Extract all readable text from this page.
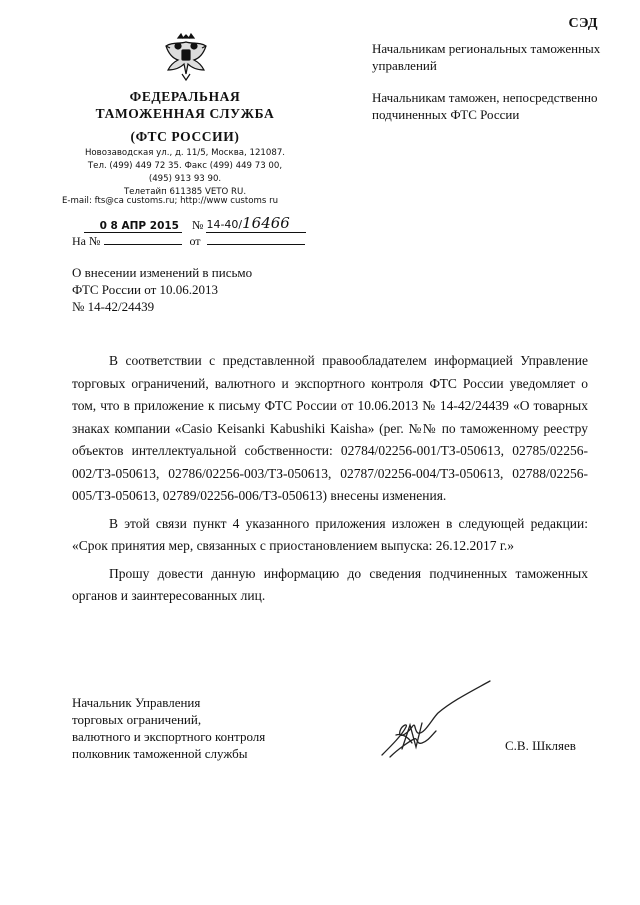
СЭД
ФЕДЕРАЛЬНАЯ
ТАМОЖЕННАЯ СЛУЖБА
(ФТС РОССИИ)
Новозаводская ул., д. 11/5, Москва, 121087.
Тел. (499) 449 72 35. Факс (499) 449 73 00,
(495) 913 93 90.
Телетайп 611385 VETO RU.
E-mail: fts@ca customs.ru; http://www customs ru
0 8 АПР 2015 №
14-40/16466
На №	от

Начальникам региональных таможенных управлений

Начальникам таможен, непосредственно подчиненных ФТС России

О внесении изменений в письмо
ФТС России от 10.06.2013
№ 14-42/24439

В соответствии с представленной правообладателем информацией Управление торговых ограничений, валютного и экспортного контроля ФТС России уведомляет о том, что в приложение к письму ФТС России от 10.06.2013 № 14-42/24439 «О товарных знаках компании «Casio Keisanki Kabushiki Kaisha» (рег. №№ по таможенному реестру объектов интеллектуальной собственности: 02784/02256-001/ТЗ-050613, 02785/02256-002/ТЗ-050613, 02786/02256-003/ТЗ-050613, 02787/02256-004/ТЗ-050613, 02788/02256-005/ТЗ-050613, 02789/02256-006/ТЗ-050613) внесены изменения.

В этой связи пункт 4 указанного приложения изложен в следующей редакции: «Срок принятия мер, связанных с приостановлением выпуска: 26.12.2017 г.»

Прошу довести данную информацию до сведения подчиненных таможенных органов и заинтересованных лиц.

Начальник Управления
торговых ограничений,
валютного и экспортного контроля
полковник таможенной службы
С.В. Шкляев
